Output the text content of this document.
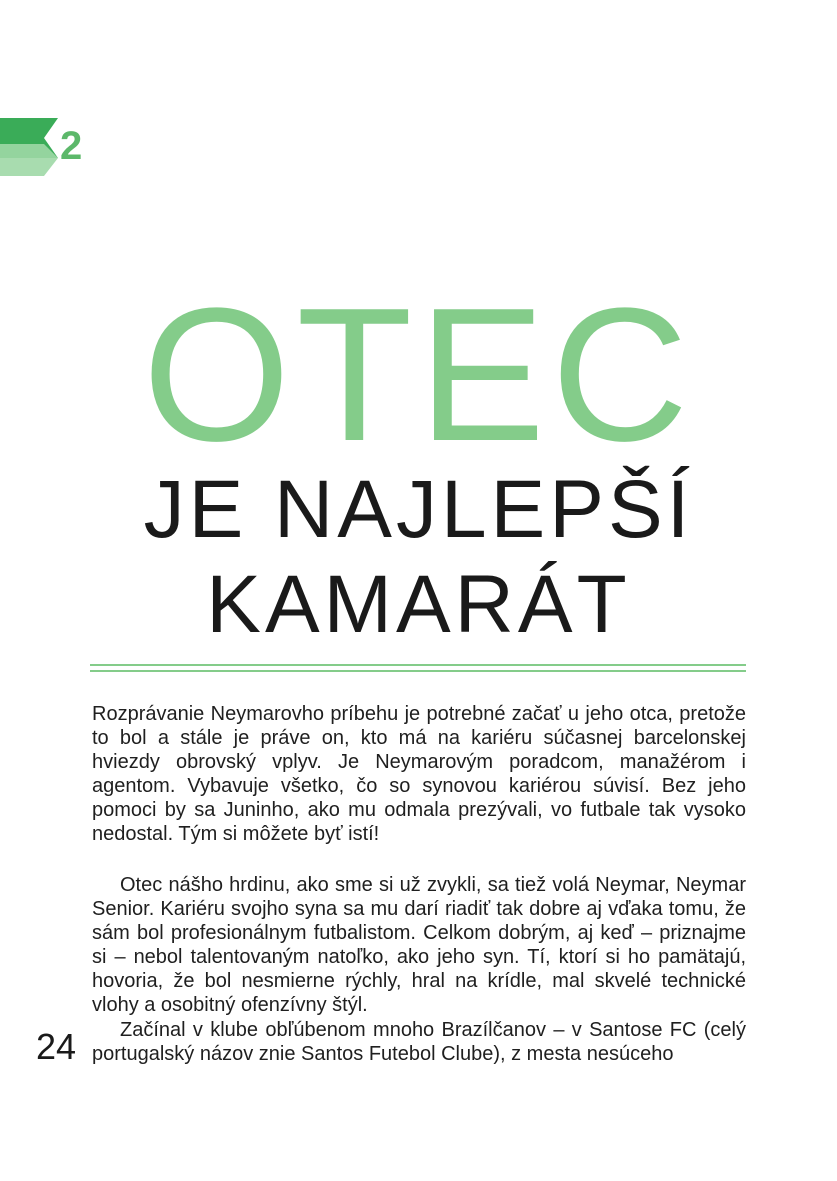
2
OTEC
JE NAJLEPŠÍ
KAMARÁT

Rozprávanie Neymarovho príbehu je potrebné začať u jeho otca, pretože to bol a stále je práve on, kto má na kariéru súčasnej barcelonskej hviezdy obrovský vplyv. Je Neymarovým poradcom, manažérom i agentom. Vybavuje všetko, čo so synovou kariérou súvisí. Bez jeho pomoci by sa Juninho, ako mu odmala prezývali, vo futbale tak vysoko nedostal. Tým si môžete byť istí!

Otec nášho hrdinu, ako sme si už zvykli, sa tiež volá Neymar, Neymar Senior. Kariéru svojho syna sa mu darí riadiť tak dobre aj vďaka tomu, že sám bol profesionálnym futbalistom. Celkom dobrým, aj keď – priznajme si – nebol talentovaným natoľko, ako jeho syn. Tí, ktorí si ho pamätajú, hovoria, že bol nesmierne rýchly, hral na krídle, mal skvelé technické vlohy a osobitný ofenzívny štýl.

Začínal v klube obľúbenom mnoho Brazílčanov – v Santose FC (celý portugalský názov znie Santos Futebol Clube), z mesta nesúceho

24
